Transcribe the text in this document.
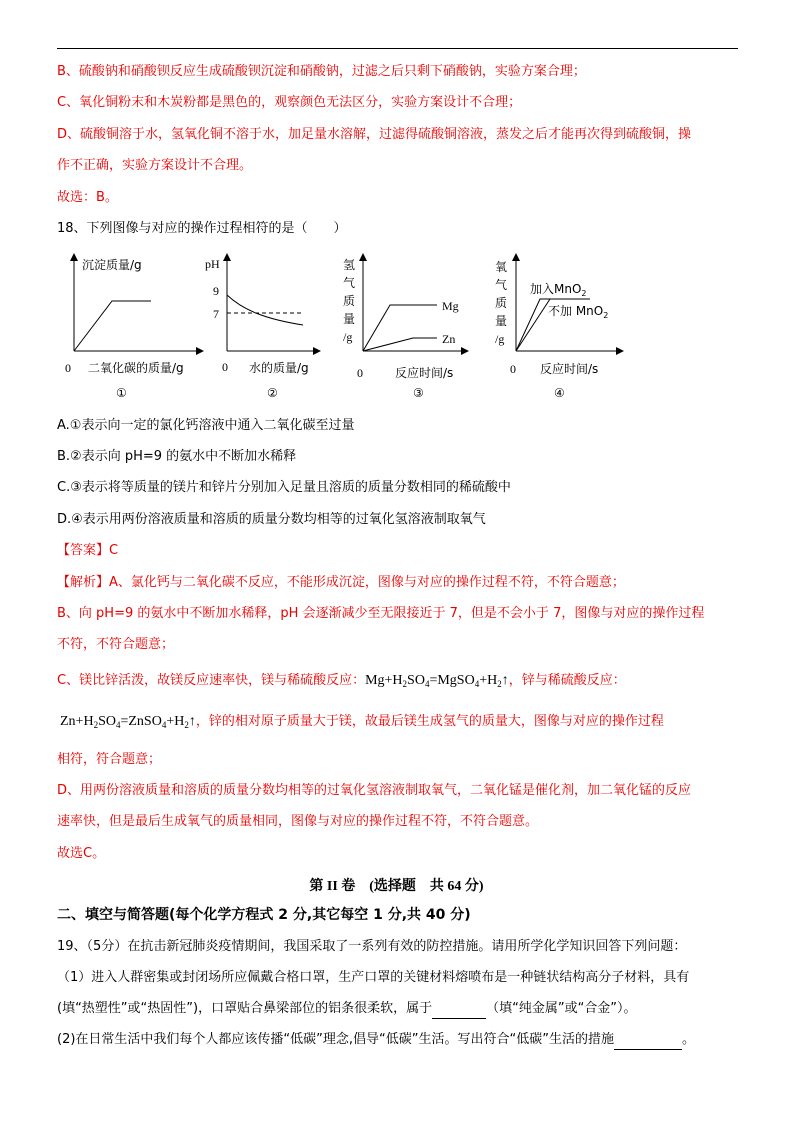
B、硫酸钠和硝酸钡反应生成硫酸钡沉淀和硝酸钠，过滤之后只剩下硝酸钠，实验方案合理；
C、氧化铜粉末和木炭粉都是黑色的，观察颜色无法区分，实验方案设计不合理；
D、硫酸铜溶于水，氢氧化铜不溶于水，加足量水溶解，过滤得硫酸铜溶液，蒸发之后才能再次得到硫酸铜，操
作不正确，实验方案设计不合理。
故选：B。
18、下列图像与对应的操作过程相符的是（　　）
沉淀质量/g
0 二氧化碳的质量/g
①
pH
9
7
0 水的质量/g
②
氢
气
质
量
/g
Mg
Zn
0	反应时间/s
③
氧
气
质
量
/g
加入MnO$_2$
不加 MnO$_2$
0 反应时间/s
④
A.①表示向一定的氯化钙溶液中通入二氧化碳至过量
B.②表示向 pH=9 的氨水中不断加水稀释
C.③表示将等质量的镁片和锌片分别加入足量且溶质的质量分数相同的稀硫酸中
D.④表示用两份溶液质量和溶质的质量分数均相等的过氧化氢溶液制取氧气
【答案】C
【解析】A、氯化钙与二氧化碳不反应，不能形成沉淀，图像与对应的操作过程不符，不符合题意；
B、向 pH=9 的氨水中不断加水稀释，pH 会逐渐减少至无限接近于 7，但是不会小于 7，图像与对应的操作过程
不符，不符合题意；
C、镁比锌活泼，故镁反应速率快，镁与稀硫酸反应：$Mg+H_2SO_4=MgSO_4+H_2↑$，锌与稀硫酸反应：
$Zn+H_2SO_4=ZnSO_4+H_2↑$，锌的相对原子质量大于镁，故最后镁生成氢气的质量大，图像与对应的操作过程
相符，符合题意；
D、用两份溶液质量和溶质的质量分数均相等的过氧化氢溶液制取氧气，二氧化锰是催化剂，加二氧化锰的反应
速率快，但是最后生成氧气的质量相同，图像与对应的操作过程不符，不符合题意。
故选C。
第 II 卷　(选择题　共 64 分)
二、填空与简答题(每个化学方程式 2 分,其它每空 1 分,共 40 分)
19、（5分）在抗击新冠肺炎疫情期间，我国采取了一系列有效的防控措施。请用所学化学知识回答下列问题：
（1）进入人群密集或封闭场所应佩戴合格口罩，生产口罩的关键材料熔喷布是一种链状结构高分子材料，具有
(填“热塑性”或“热固性”)，口罩贴合鼻梁部位的铝条很柔软，属于	（填“纯金属”或“合金”）。
(2)在日常生活中我们每个人都应该传播“低碳”理念,倡导“低碳”生活。写出符合“低碳”生活的措施	。
